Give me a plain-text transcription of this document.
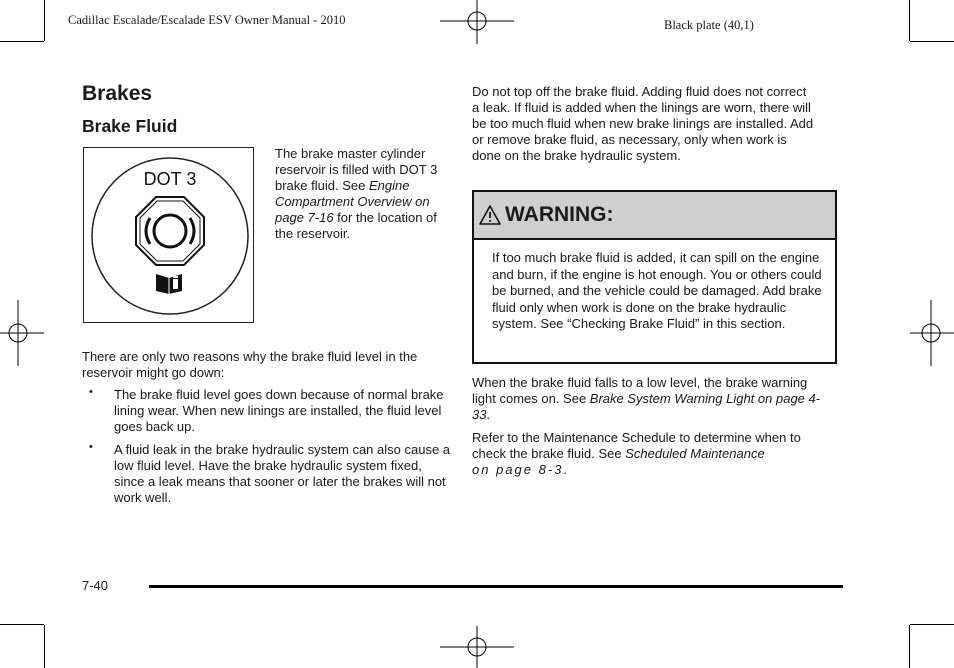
Cadillac Escalade/Escalade ESV Owner Manual - 2010	Black plate (40,1)
Brakes
Brake Fluid
DOT 3
The brake master cylinder reservoir is filled with DOT 3 brake fluid. See Engine Compartment Overview on page 7-16 for the location of the reservoir.
There are only two reasons why the brake fluid level in the reservoir might go down:
• The brake fluid level goes down because of normal brake lining wear. When new linings are installed, the fluid level goes back up.
• A fluid leak in the brake hydraulic system can also cause a low fluid level. Have the brake hydraulic system fixed, since a leak means that sooner or later the brakes will not work well.
Do not top off the brake fluid. Adding fluid does not correct a leak. If fluid is added when the linings are worn, there will be too much fluid when new brake linings are installed. Add or remove brake fluid, as necessary, only when work is done on the brake hydraulic system.
WARNING:
If too much brake fluid is added, it can spill on the engine and burn, if the engine is hot enough. You or others could be burned, and the vehicle could be damaged. Add brake fluid only when work is done on the brake hydraulic system. See “Checking Brake Fluid” in this section.
When the brake fluid falls to a low level, the brake warning light comes on. See Brake System Warning Light on page 4-33.
Refer to the Maintenance Schedule to determine when to check the brake fluid. See Scheduled Maintenance
on page 8-3.
7-40
